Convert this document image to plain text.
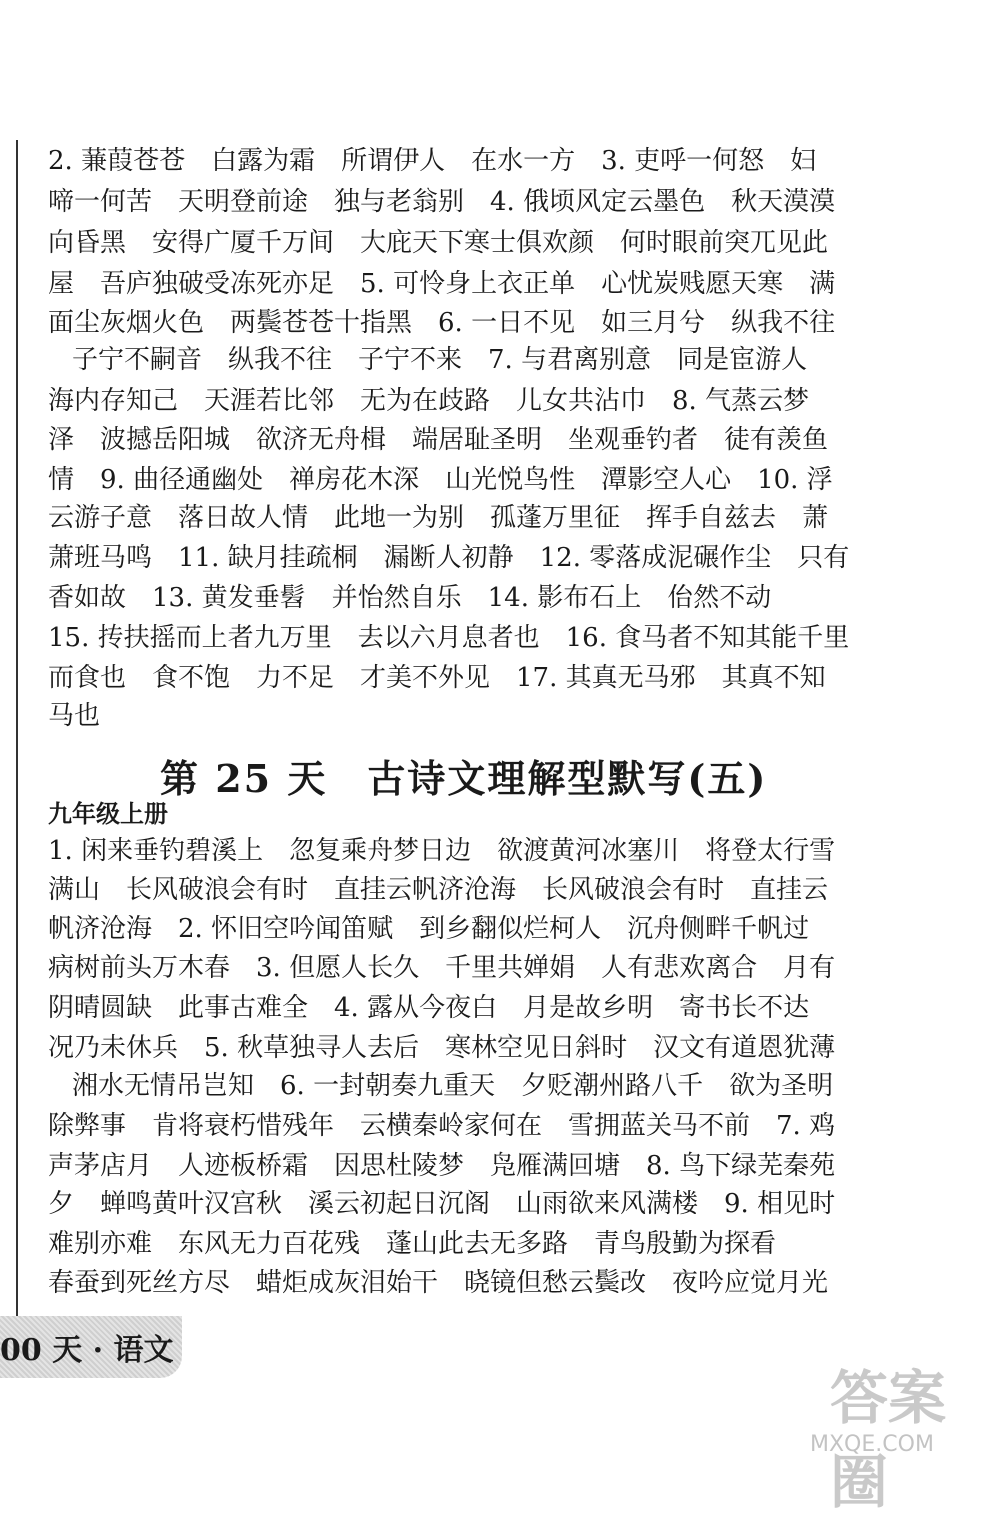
2. 蒹葭苍苍　白露为霜　所谓伊人　在水一方　3. 吏呼一何怒　妇
啼一何苦　天明登前途　独与老翁别　4. 俄顷风定云墨色　秋天漠漠
向昏黑　安得广厦千万间　大庇天下寒士俱欢颜　何时眼前突兀见此
屋　吾庐独破受冻死亦足　5. 可怜身上衣正单　心忧炭贱愿天寒　满
面尘灰烟火色　两鬓苍苍十指黑　6. 一日不见　如三月兮　纵我不往
子宁不嗣音　纵我不往　子宁不来　7. 与君离别意　同是宦游人
海内存知己　天涯若比邻　无为在歧路　儿女共沾巾　8. 气蒸云梦
泽　波撼岳阳城　欲济无舟楫　端居耻圣明　坐观垂钓者　徒有羡鱼
情　9. 曲径通幽处　禅房花木深　山光悦鸟性　潭影空人心　10. 浮
云游子意　落日故人情　此地一为别　孤蓬万里征　挥手自兹去　萧
萧班马鸣　11. 缺月挂疏桐　漏断人初静　12. 零落成泥碾作尘　只有
香如故　13. 黄发垂髫　并怡然自乐　14. 影布石上　佁然不动
15. 抟扶摇而上者九万里　去以六月息者也　16. 食马者不知其能千里
而食也　食不饱　力不足　才美不外见　17. 其真无马邪　其真不知
马也
第 25 天　古诗文理解型默写(五)
九年级上册
1. 闲来垂钓碧溪上　忽复乘舟梦日边　欲渡黄河冰塞川　将登太行雪
满山　长风破浪会有时　直挂云帆济沧海　长风破浪会有时　直挂云
帆济沧海　2. 怀旧空吟闻笛赋　到乡翻似烂柯人　沉舟侧畔千帆过
病树前头万木春　3. 但愿人长久　千里共婵娟　人有悲欢离合　月有
阴晴圆缺　此事古难全　4. 露从今夜白　月是故乡明　寄书长不达
况乃未休兵　5. 秋草独寻人去后　寒林空见日斜时　汉文有道恩犹薄
湘水无情吊岂知　6. 一封朝奏九重天　夕贬潮州路八千　欲为圣明
除弊事　肯将衰朽惜残年　云横秦岭家何在　雪拥蓝关马不前　7. 鸡
声茅店月　人迹板桥霜　因思杜陵梦　凫雁满回塘　8. 鸟下绿芜秦苑
夕　蝉鸣黄叶汉宫秋　溪云初起日沉阁　山雨欲来风满楼　9. 相见时
难别亦难　东风无力百花残　蓬山此去无多路　青鸟殷勤为探看
春蚕到死丝方尽　蜡炬成灰泪始干　晓镜但愁云鬓改　夜吟应觉月光
00 天 · 语文
答案圈
MXQE.COM
